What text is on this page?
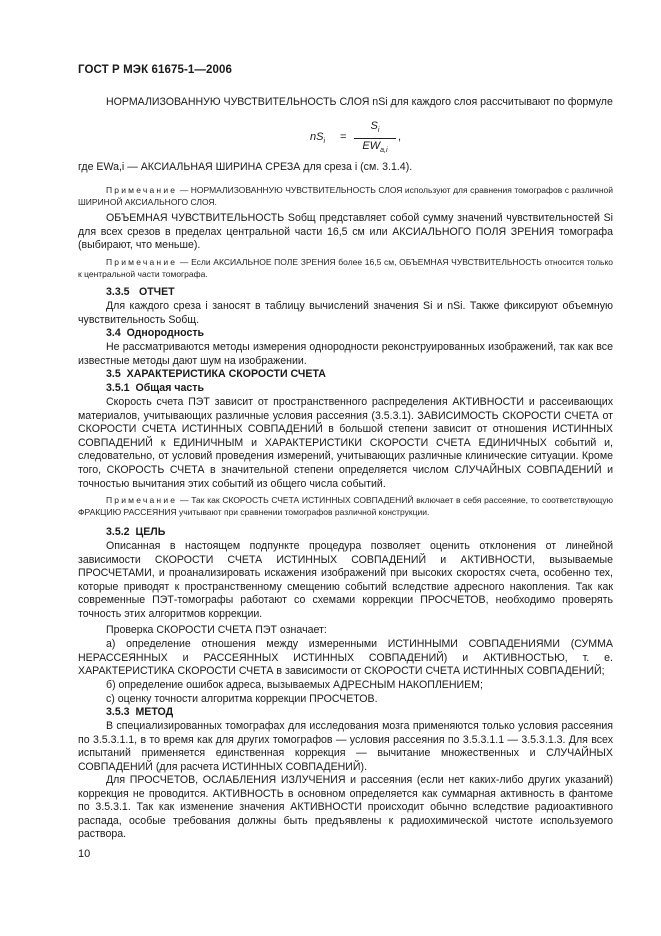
ГОСТ Р МЭК 61675-1—2006
НОРМАЛИЗОВАННУЮ ЧУВСТВИТЕЛЬНОСТЬ СЛОЯ nSi для каждого слоя рассчитывают по формуле
$nS_i$ =
$S_i$
$EW_{a,i}$
,
где EWa,i — АКСИАЛЬНАЯ ШИРИНА СРЕЗА для среза i (см. 3.1.4).
Примечание — НОРМАЛИЗОВАННУЮ ЧУВСТВИТЕЛЬНОСТЬ СЛОЯ используют для сравнения томографов с различной ШИРИНОЙ АКСИАЛЬНОГО СЛОЯ.
ОБЪЕМНАЯ ЧУВСТВИТЕЛЬНОСТЬ Sобщ представляет собой сумму значений чувствительностей Si для всех срезов в пределах центральной части 16,5 см или АКСИАЛЬНОГО ПОЛЯ ЗРЕНИЯ томографа (выбирают, что меньше).
Примечание — Если АКСИАЛЬНОЕ ПОЛЕ ЗРЕНИЯ более 16,5 см, ОБЪЕМНАЯ ЧУВСТВИТЕЛЬНОСТЬ относится только к центральной части томографа.
3.3.5 ОТЧЕТ
Для каждого среза i заносят в таблицу вычислений значения Si и nSi. Также фиксируют объемную чувствительность Sобщ.
3.4 Однородность
Не рассматриваются методы измерения однородности реконструированных изображений, так как все известные методы дают шум на изображении.
3.5 ХАРАКТЕРИСТИКА СКОРОСТИ СЧЕТА
3.5.1 Общая часть
Скорость счета ПЭТ зависит от пространственного распределения АКТИВНОСТИ и рассеивающих материалов, учитывающих различные условия рассеяния (3.5.3.1). ЗАВИСИМОСТЬ СКОРОСТИ СЧЕТА от СКОРОСТИ СЧЕТА ИСТИННЫХ СОВПАДЕНИЙ в большой степени зависит от отношения ИСТИННЫХ СОВПАДЕНИЙ к ЕДИНИЧНЫМ и ХАРАКТЕРИСТИКИ СКОРОСТИ СЧЕТА ЕДИНИЧНЫХ событий и, следовательно, от условий проведения измерений, учитывающих различные клинические ситуации. Кроме того, СКОРОСТЬ СЧЕТА в значительной степени определяется числом СЛУЧАЙНЫХ СОВПАДЕНИЙ и точностью вычитания этих событий из общего числа событий.
Примечание — Так как СКОРОСТЬ СЧЕТА ИСТИННЫХ СОВПАДЕНИЙ включает в себя рассеяние, то соответствующую ФРАКЦИЮ РАССЕЯНИЯ учитывают при сравнении томографов различной конструкции.
3.5.2 ЦЕЛЬ
Описанная в настоящем подпункте процедура позволяет оценить отклонения от линейной зависимости СКОРОСТИ СЧЕТА ИСТИННЫХ СОВПАДЕНИЙ и АКТИВНОСТИ, вызываемые ПРОСЧЕТАМИ, и проанализировать искажения изображений при высоких скоростях счета, особенно тех, которые приводят к пространственному смещению событий вследствие адресного накопления. Так как современные ПЭТ-томографы работают со схемами коррекции ПРОСЧЕТОВ, необходимо проверять точность этих алгоритмов коррекции.
Проверка СКОРОСТИ СЧЕТА ПЭТ означает:
а) определение отношения между измеренными ИСТИННЫМИ СОВПАДЕНИЯМИ (СУММА НЕРАССЕЯННЫХ и РАССЕЯННЫХ ИСТИННЫХ СОВПАДЕНИЙ) и АКТИВНОСТЬЮ, т. е. ХАРАКТЕРИСТИКА СКОРОСТИ СЧЕТА в зависимости от СКОРОСТИ СЧЕТА ИСТИННЫХ СОВПАДЕНИЙ;
б) определение ошибок адреса, вызываемых АДРЕСНЫМ НАКОПЛЕНИЕМ;
с) оценку точности алгоритма коррекции ПРОСЧЕТОВ.
3.5.3 МЕТОД
В специализированных томографах для исследования мозга применяются только условия рассеяния по 3.5.3.1.1, в то время как для других томографов — условия рассеяния по 3.5.3.1.1 — 3.5.3.1.3. Для всех испытаний применяется единственная коррекция — вычитание множественных и СЛУЧАЙНЫХ СОВПАДЕНИЙ (для расчета ИСТИННЫХ СОВПАДЕНИЙ).
Для ПРОСЧЕТОВ, ОСЛАБЛЕНИЯ ИЗЛУЧЕНИЯ и рассеяния (если нет каких-либо других указаний) коррекция не проводится. АКТИВНОСТЬ в основном определяется как суммарная активность в фантоме по 3.5.3.1. Так как изменение значения АКТИВНОСТИ происходит обычно вследствие радиоактивного распада, особые требования должны быть предъявлены к радиохимической чистоте используемого раствора.
10
